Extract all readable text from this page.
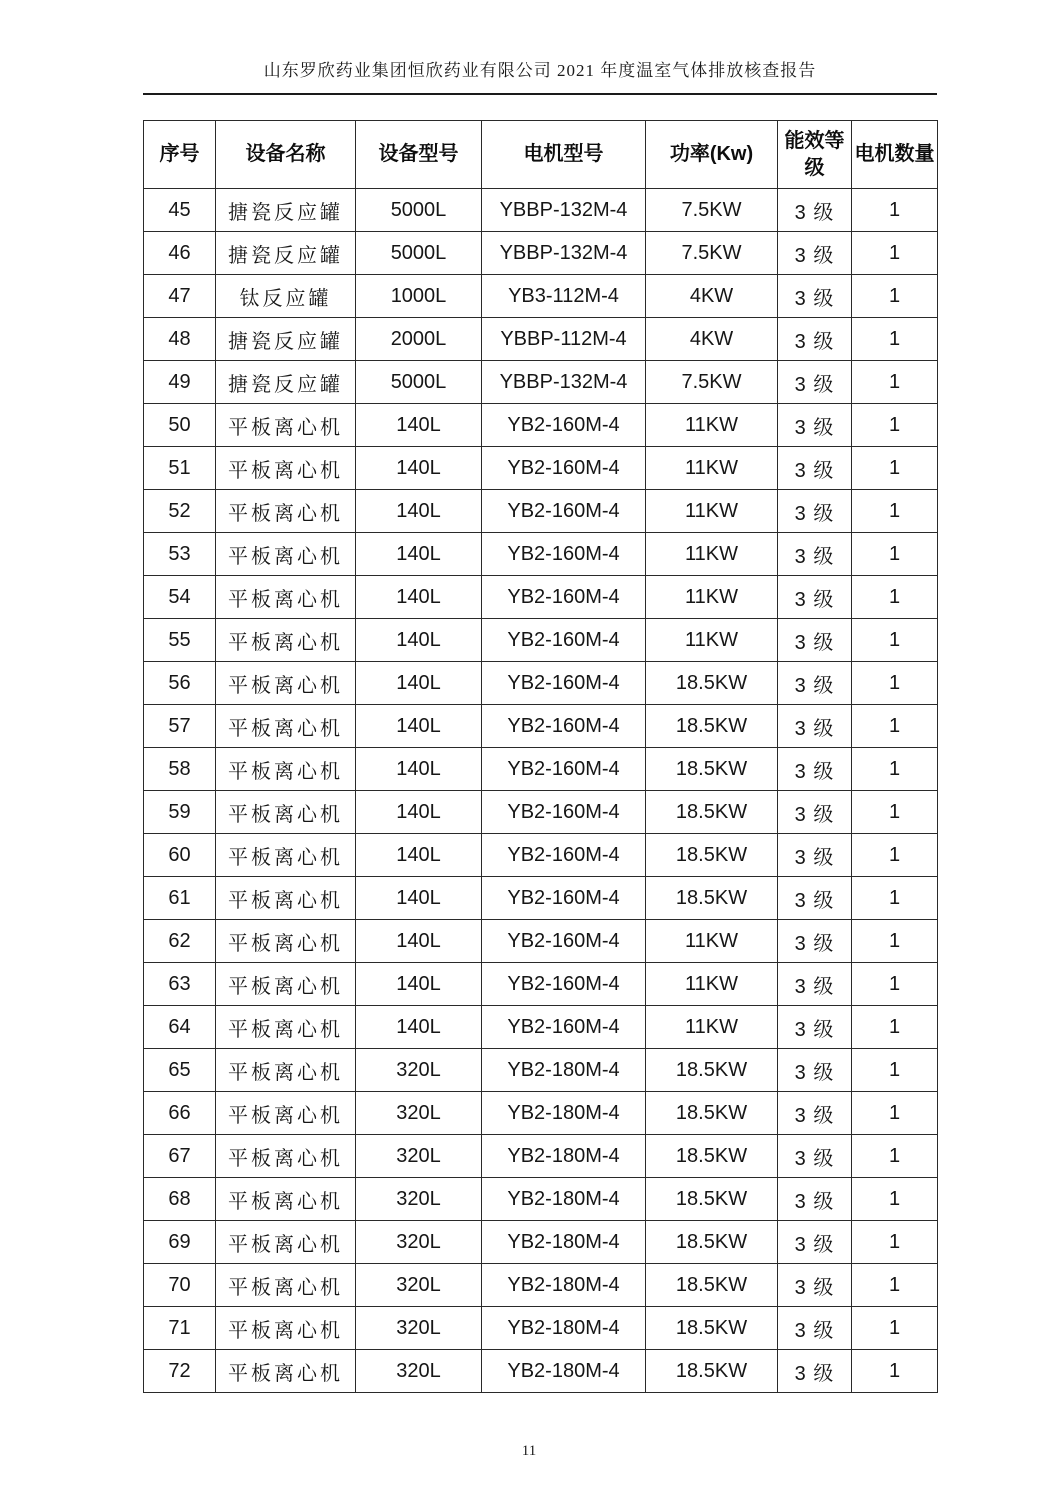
山东罗欣药业集团恒欣药业有限公司 2021 年度温室气体排放核查报告
序号	设备名称	设备型号	电机型号	功率(Kw)	能效等级	电机数量
45	搪瓷反应罐	5000L	YBBP-132M-4	7.5KW	3 级	1
46	搪瓷反应罐	5000L	YBBP-132M-4	7.5KW	3 级	1
47	钛反应罐	1000L	YB3-112M-4	4KW	3 级	1
48	搪瓷反应罐	2000L	YBBP-112M-4	4KW	3 级	1
49	搪瓷反应罐	5000L	YBBP-132M-4	7.5KW	3 级	1
50	平板离心机	140L	YB2-160M-4	11KW	3 级	1
51	平板离心机	140L	YB2-160M-4	11KW	3 级	1
52	平板离心机	140L	YB2-160M-4	11KW	3 级	1
53	平板离心机	140L	YB2-160M-4	11KW	3 级	1
54	平板离心机	140L	YB2-160M-4	11KW	3 级	1
55	平板离心机	140L	YB2-160M-4	11KW	3 级	1
56	平板离心机	140L	YB2-160M-4	18.5KW	3 级	1
57	平板离心机	140L	YB2-160M-4	18.5KW	3 级	1
58	平板离心机	140L	YB2-160M-4	18.5KW	3 级	1
59	平板离心机	140L	YB2-160M-4	18.5KW	3 级	1
60	平板离心机	140L	YB2-160M-4	18.5KW	3 级	1
61	平板离心机	140L	YB2-160M-4	18.5KW	3 级	1
62	平板离心机	140L	YB2-160M-4	11KW	3 级	1
63	平板离心机	140L	YB2-160M-4	11KW	3 级	1
64	平板离心机	140L	YB2-160M-4	11KW	3 级	1
65	平板离心机	320L	YB2-180M-4	18.5KW	3 级	1
66	平板离心机	320L	YB2-180M-4	18.5KW	3 级	1
67	平板离心机	320L	YB2-180M-4	18.5KW	3 级	1
68	平板离心机	320L	YB2-180M-4	18.5KW	3 级	1
69	平板离心机	320L	YB2-180M-4	18.5KW	3 级	1
70	平板离心机	320L	YB2-180M-4	18.5KW	3 级	1
71	平板离心机	320L	YB2-180M-4	18.5KW	3 级	1
72	平板离心机	320L	YB2-180M-4	18.5KW	3 级	1
11
